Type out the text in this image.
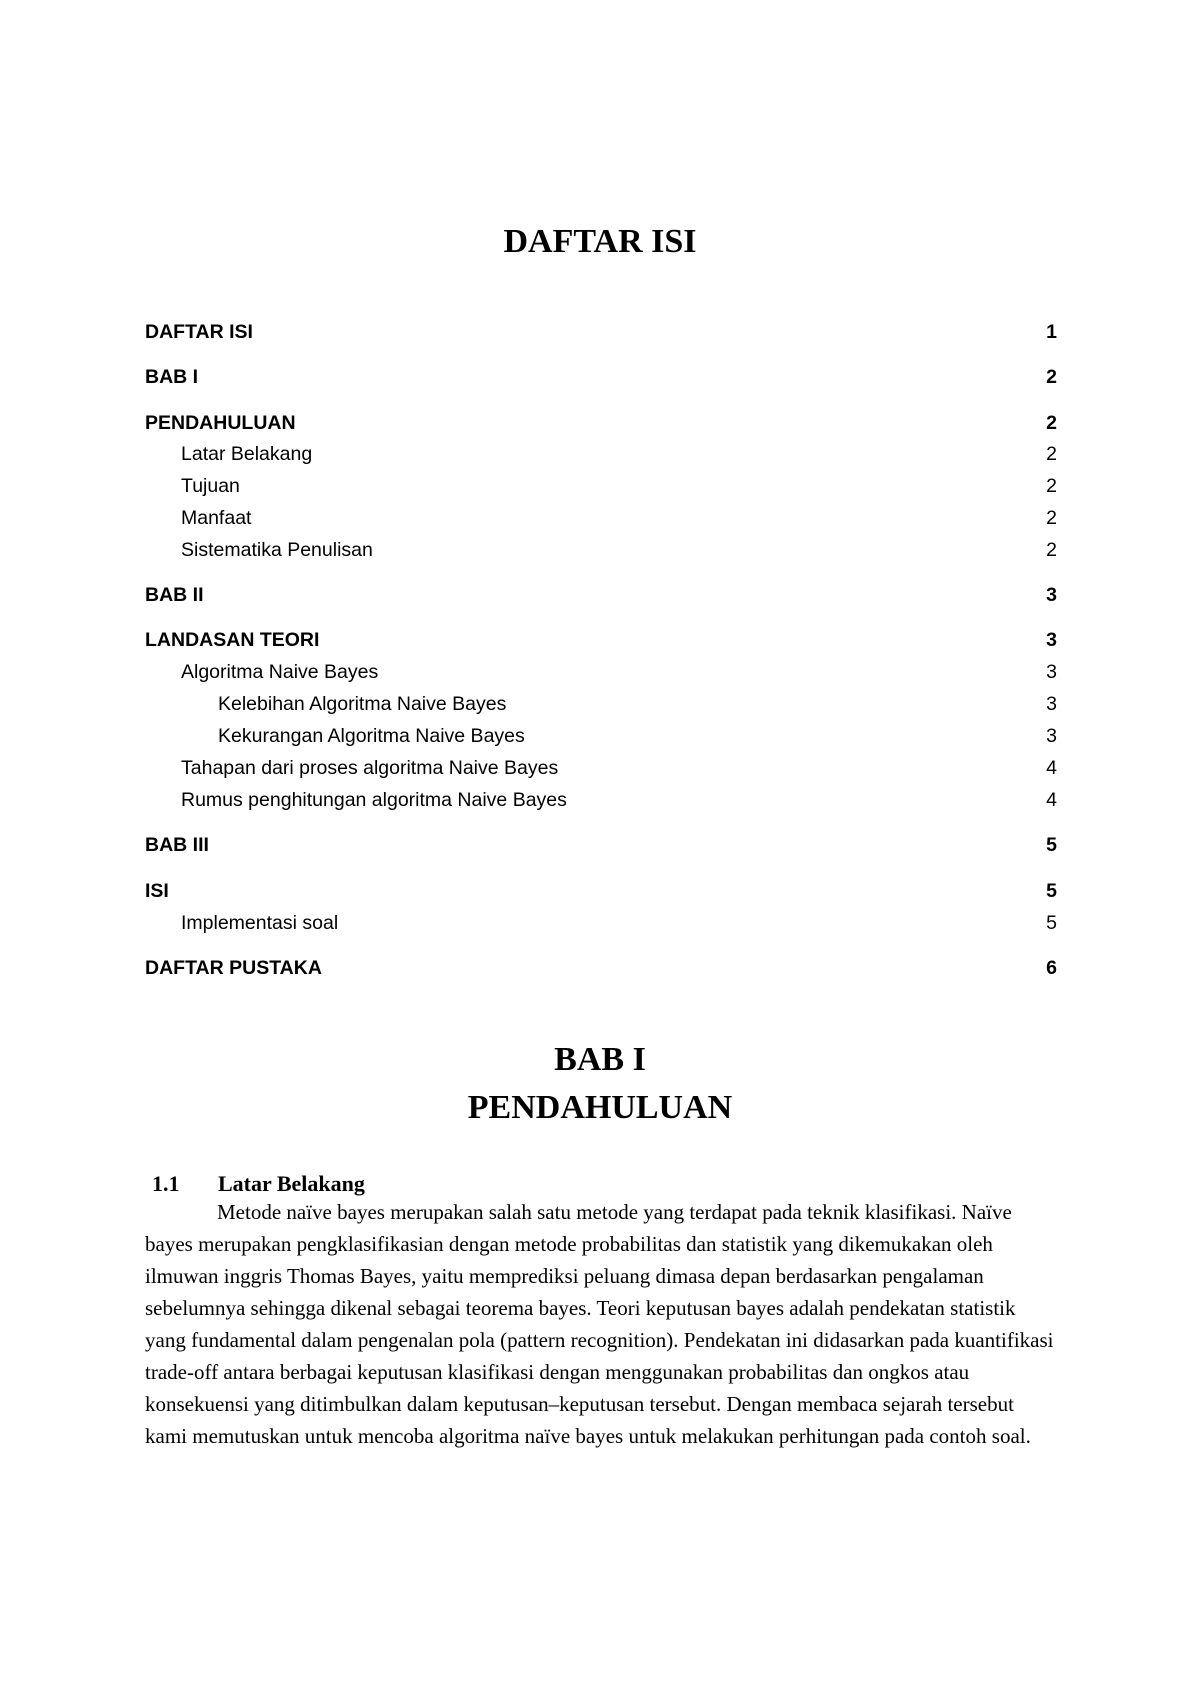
DAFTAR ISI
DAFTAR ISI	1
BAB I	2
PENDAHULUAN	2
Latar Belakang	2
Tujuan	2
Manfaat	2
Sistematika Penulisan	2
BAB II	3
LANDASAN TEORI	3
Algoritma Naive Bayes	3
Kelebihan Algoritma Naive Bayes	3
Kekurangan Algoritma Naive Bayes	3
Tahapan dari proses algoritma Naive Bayes	4
Rumus penghitungan algoritma Naive Bayes	4
BAB III	5
ISI	5
Implementasi soal	5
DAFTAR PUSTAKA	6
BAB I
PENDAHULUAN
1.1 Latar Belakang

Metode naïve bayes merupakan salah satu metode yang terdapat pada teknik klasifikasi. Naïve bayes merupakan pengklasifikasian dengan metode probabilitas dan statistik yang dikemukakan oleh ilmuwan inggris Thomas Bayes, yaitu memprediksi peluang dimasa depan berdasarkan pengalaman sebelumnya sehingga dikenal sebagai teorema bayes. Teori keputusan bayes adalah pendekatan statistik yang fundamental dalam pengenalan pola (pattern recognition). Pendekatan ini didasarkan pada kuantifikasi trade-off antara berbagai keputusan klasifikasi dengan menggunakan probabilitas dan ongkos atau konsekuensi yang ditimbulkan dalam keputusan–keputusan tersebut. Dengan membaca sejarah tersebut kami memutuskan untuk mencoba algoritma naïve bayes untuk melakukan perhitungan pada contoh soal.
